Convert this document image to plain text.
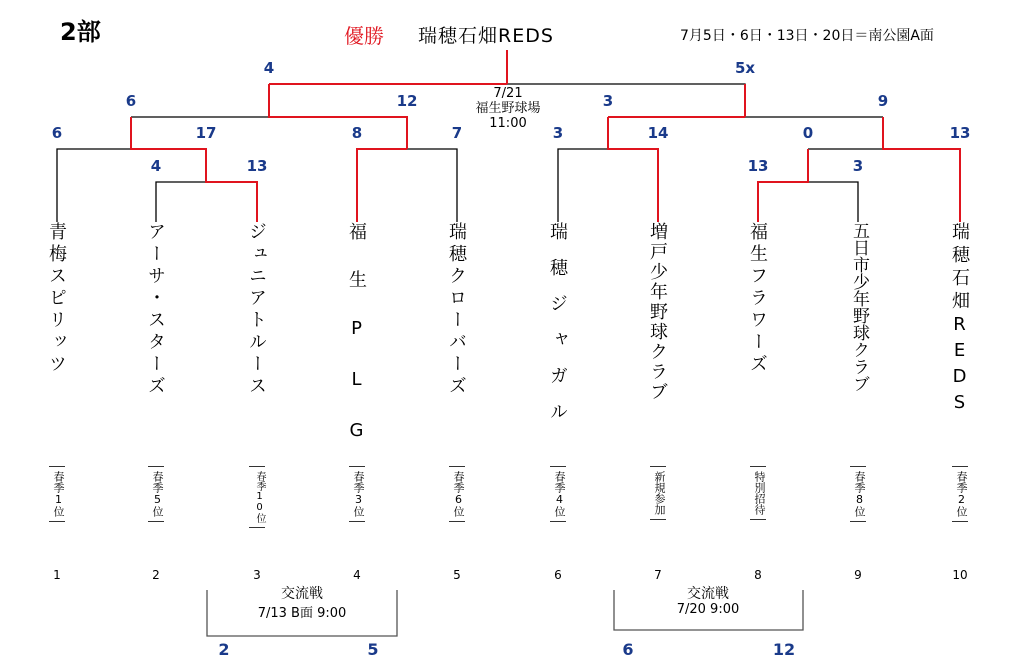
2部	優勝 瑞穂石畑REDS	7月5日・6日・13日・20日＝南公園A面
7/21
福生野球場
11:00
4	5x
6	12	3	9
6	17	8	7	3	14	0	13
4	13	13	3
青梅スピリッツ	アーサ・スターズ	ジュニアトルース	福生PLG	瑞穂クローバーズ	瑞穂ジャガル	増戸少年野球クラブ	福生フラワーズ	五日市少年野球クラブ	瑞穂石畑REDS
春季1位	春季5位	春季10位	春季3位	春季6位	春季4位	新規参加	特別招待	春季8位	春季2位
1	2	3	4	5	6	7	8	9	10
交流戦
7/13 B面 9:00
2	5
交流戦
7/20 9:00
6	12
